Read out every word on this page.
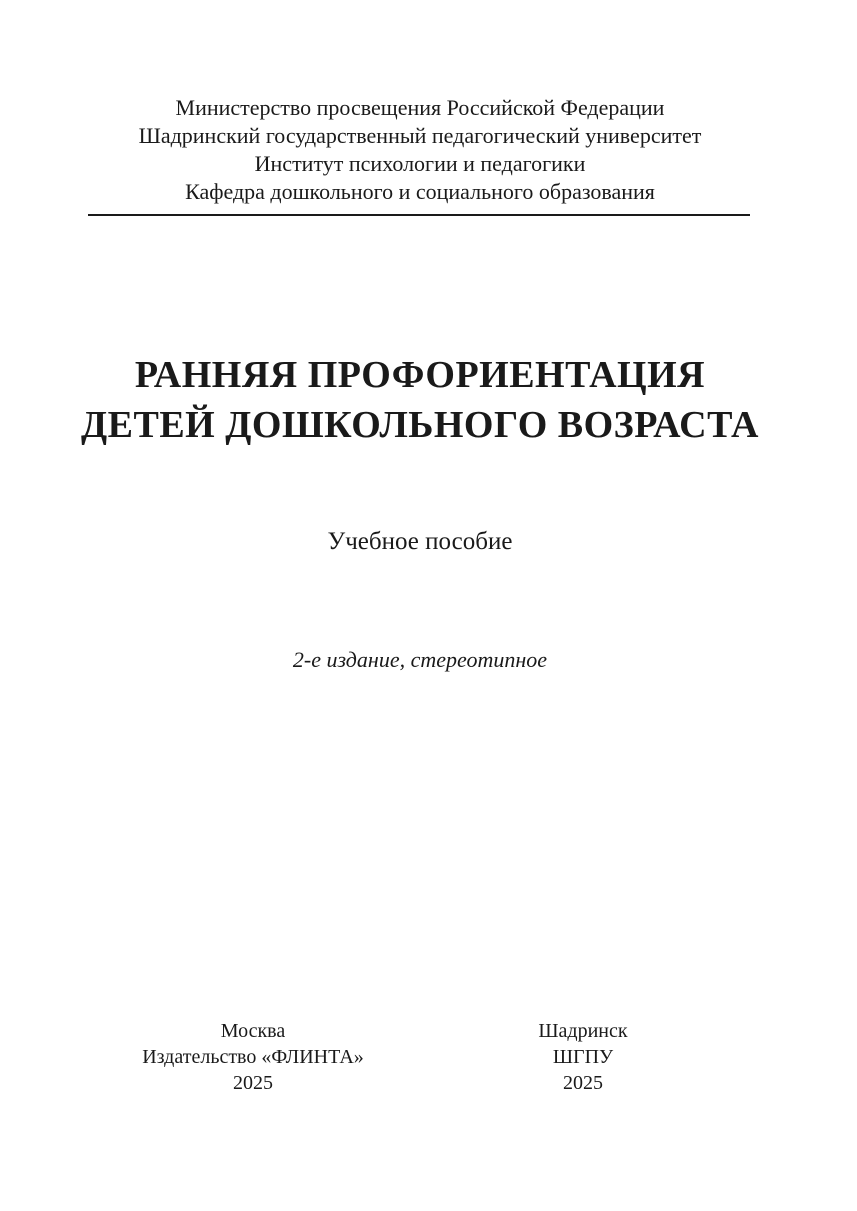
Министерство просвещения Российской Федерации
Шадринский государственный педагогический университет
Институт психологии и педагогики
Кафедра дошкольного и социального образования
РАННЯЯ ПРОФОРИЕНТАЦИЯ
ДЕТЕЙ ДОШКОЛЬНОГО ВОЗРАСТА
Учебное пособие
2-е издание, стереотипное
Москва
Издательство «ФЛИНТА»
2025
Шадринск
ШГПУ
2025
